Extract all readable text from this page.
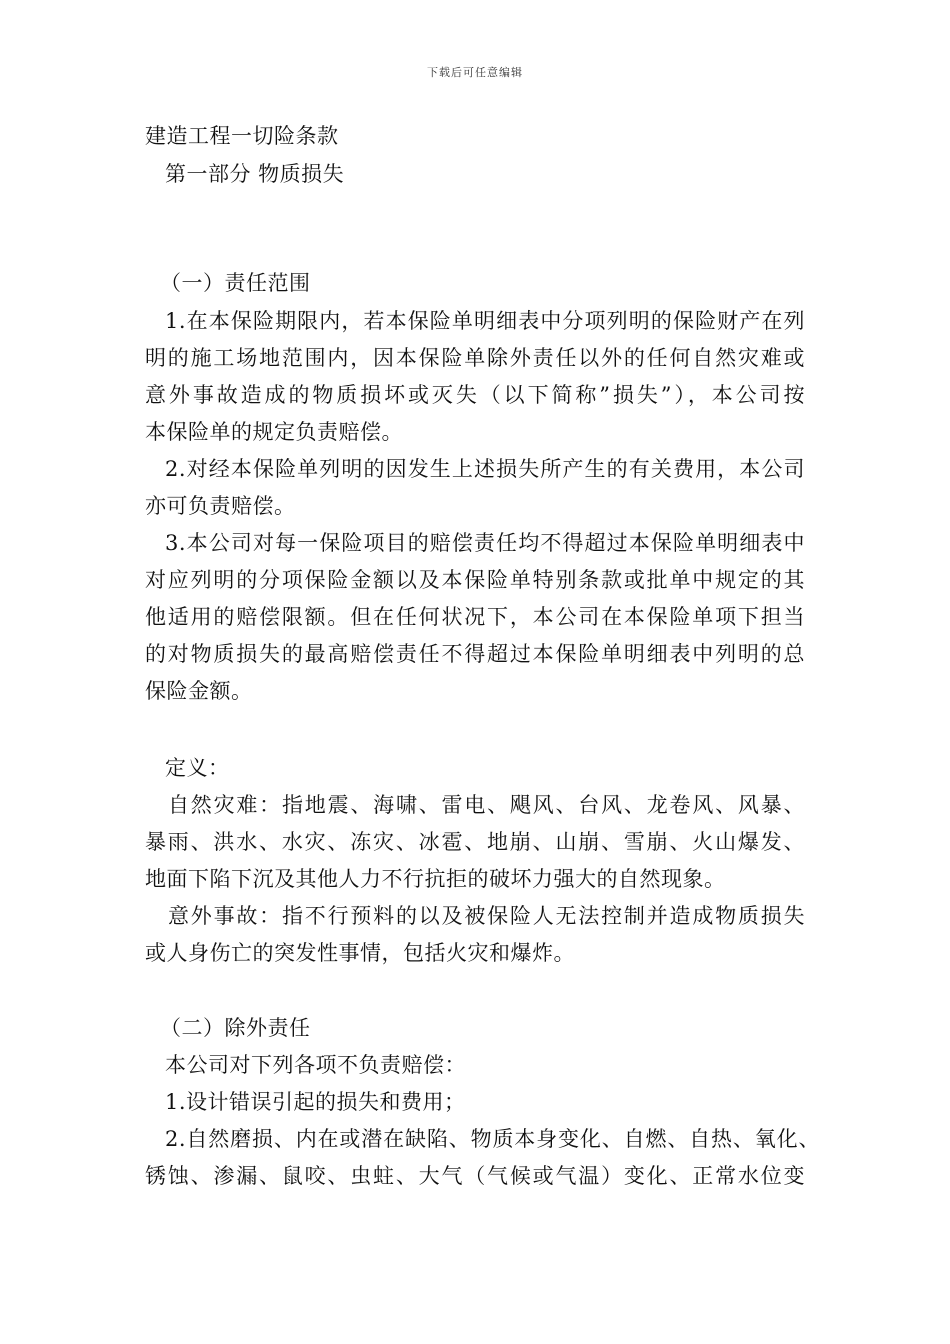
下载后可任意编辑
建造工程一切险条款
第一部分 物质损失
（一）责任范围
1.在本保险期限内，若本保险单明细表中分项列明的保险财产在列
明的施工场地范围内，因本保险单除外责任以外的任何自然灾难或
意外事故造成的物质损坏或灭失（以下简称”损失”），本公司按
本保险单的规定负责赔偿。
2.对经本保险单列明的因发生上述损失所产生的有关费用，本公司
亦可负责赔偿。
3.本公司对每一保险项目的赔偿责任均不得超过本保险单明细表中
对应列明的分项保险金额以及本保险单特别条款或批单中规定的其
他适用的赔偿限额。但在任何状况下，本公司在本保险单项下担当
的对物质损失的最高赔偿责任不得超过本保险单明细表中列明的总
保险金额。
定义：
自然灾难：指地震、海啸、雷电、飓风、台风、龙卷风、风暴、
暴雨、洪水、水灾、冻灾、冰雹、地崩、山崩、雪崩、火山爆发、
地面下陷下沉及其他人力不行抗拒的破坏力强大的自然现象。
意外事故：指不行预料的以及被保险人无法控制并造成物质损失
或人身伤亡的突发性事情，包括火灾和爆炸。
（二）除外责任
本公司对下列各项不负责赔偿：
1.设计错误引起的损失和费用；
2.自然磨损、内在或潜在缺陷、物质本身变化、自燃、自热、氧化、
锈蚀、渗漏、鼠咬、虫蛀、大气（气候或气温）变化、正常水位变
